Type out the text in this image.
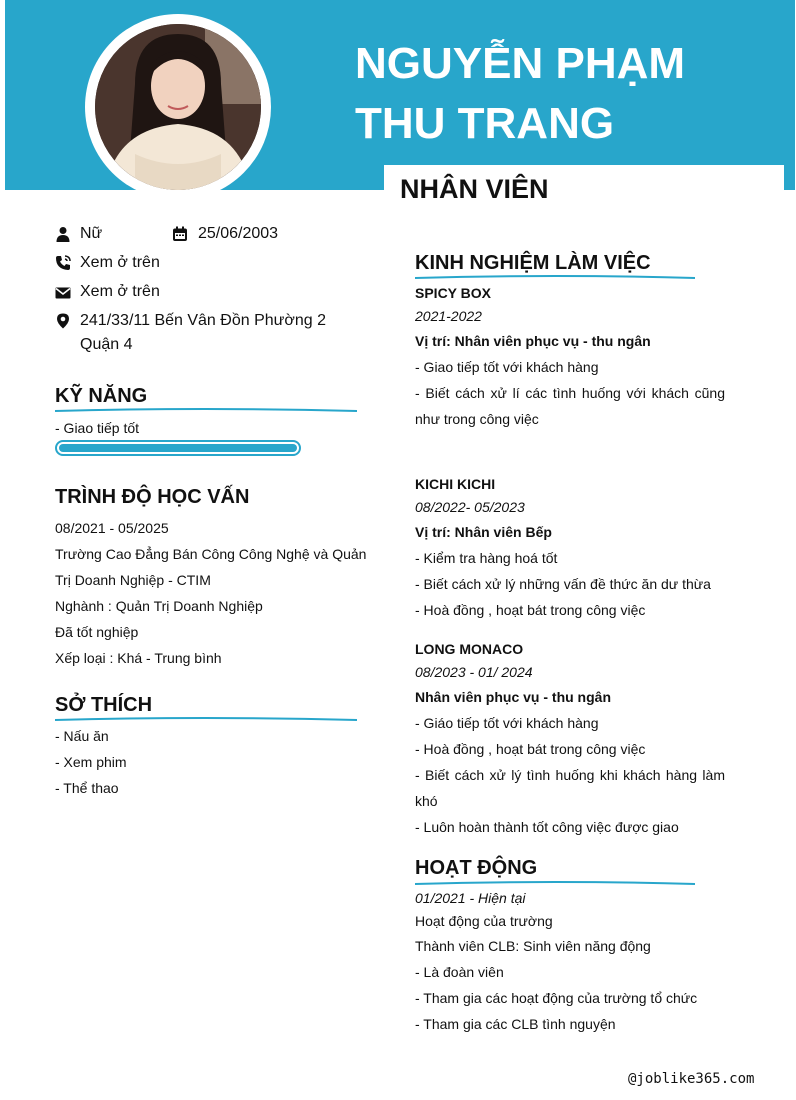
NGUYỄN PHẠM THU TRANG
NHÂN VIÊN
Nữ	25/06/2003
Xem ở trên
Xem ở trên
241/33/11 Bến Vân Đồn Phường 2
Quận 4
KỸ NĂNG
- Giao tiếp tốt
TRÌNH ĐỘ HỌC VẤN
08/2021 - 05/2025
Trường Cao Đẳng Bán Công Công Nghệ và Quản
Trị Doanh Nghiệp - CTIM
Nghành : Quản Trị Doanh Nghiệp
Đã tốt nghiệp
Xếp loại : Khá - Trung bình
SỞ THÍCH
- Nấu ăn
- Xem phim
- Thể thao
KINH NGHIỆM LÀM VIỆC
SPICY BOX
2021-2022
Vị trí: Nhân viên phục vụ - thu ngân
- Giao tiếp tốt với khách hàng
- Biết cách xử lí các tình huống với khách cũng như trong công việc
KICHI KICHI
08/2022- 05/2023
Vị trí: Nhân viên Bếp
- Kiểm tra hàng hoá tốt
- Biết cách xử lý những vấn đề thức ăn dư thừa
- Hoà đồng , hoạt bát trong công việc
LONG MONACO
08/2023 - 01/ 2024
Nhân viên phục vụ - thu ngân
- Giáo tiếp tốt với khách hàng
- Hoà đồng , hoạt bát trong công việc
- Biết cách xử lý tình huống khi khách hàng làm khó
- Luôn hoàn thành tốt công việc được giao
HOẠT ĐỘNG
01/2021 - Hiện tại
Hoạt động của trường
Thành viên CLB: Sinh viên năng động
- Là đoàn viên
- Tham gia các hoạt động của trường tổ chức
- Tham gia các CLB tình nguyện
@joblike365.com
